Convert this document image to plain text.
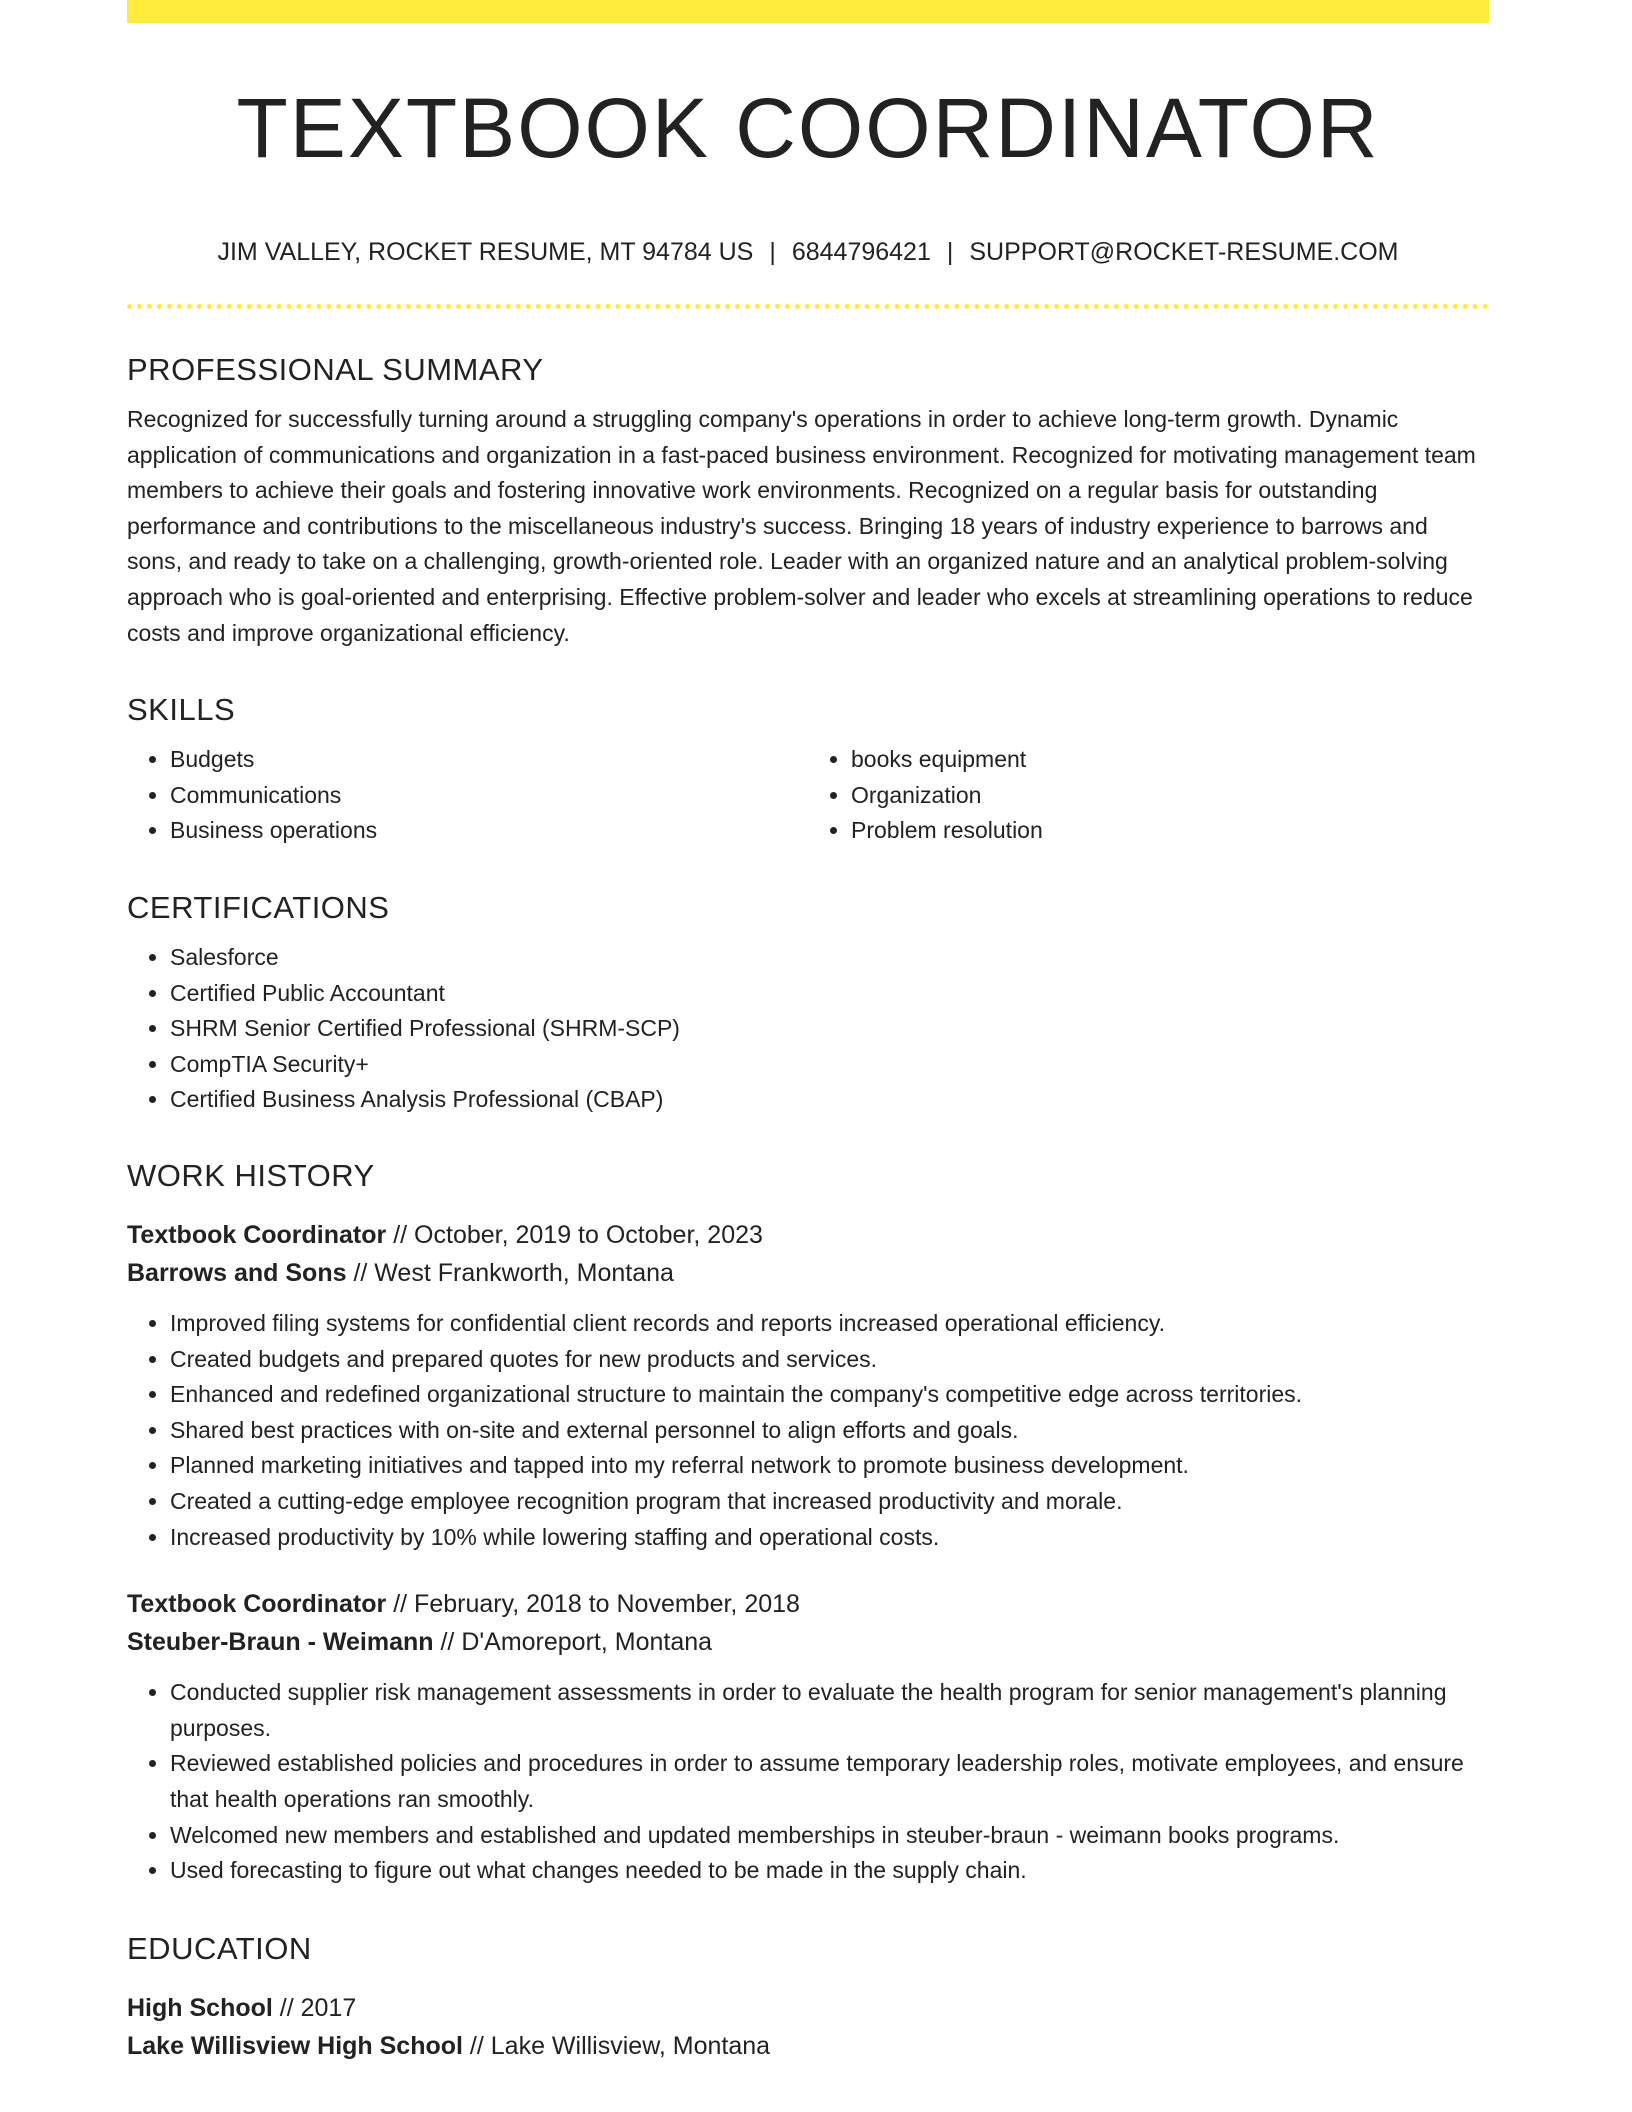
TEXTBOOK COORDINATOR
JIM VALLEY, ROCKET RESUME, MT 94784 US | 6844796421 | SUPPORT@ROCKET-RESUME.COM
PROFESSIONAL SUMMARY

Recognized for successfully turning around a struggling company's operations in order to achieve long-term growth. Dynamic application of communications and organization in a fast-paced business environment. Recognized for motivating management team members to achieve their goals and fostering innovative work environments. Recognized on a regular basis for outstanding performance and contributions to the miscellaneous industry's success. Bringing 18 years of industry experience to barrows and sons, and ready to take on a challenging, growth-oriented role. Leader with an organized nature and an analytical problem-solving approach who is goal-oriented and enterprising. Effective problem-solver and leader who excels at streamlining operations to reduce costs and improve organizational efficiency.

SKILLS
• Budgets
• Communications
• Business operations
• books equipment
• Organization
• Problem resolution
CERTIFICATIONS
• Salesforce
• Certified Public Accountant
• SHRM Senior Certified Professional (SHRM-SCP)
• CompTIA Security+
• Certified Business Analysis Professional (CBAP)
WORK HISTORY
Textbook Coordinator // October, 2019 to October, 2023
Barrows and Sons // West Frankworth, Montana
• Improved filing systems for confidential client records and reports increased operational efficiency.
• Created budgets and prepared quotes for new products and services.
• Enhanced and redefined organizational structure to maintain the company's competitive edge across territories.
• Shared best practices with on-site and external personnel to align efforts and goals.
• Planned marketing initiatives and tapped into my referral network to promote business development.
• Created a cutting-edge employee recognition program that increased productivity and morale.
• Increased productivity by 10% while lowering staffing and operational costs.
Textbook Coordinator // February, 2018 to November, 2018
Steuber-Braun - Weimann // D'Amoreport, Montana
• Conducted supplier risk management assessments in order to evaluate the health program for senior management's planning purposes.
• Reviewed established policies and procedures in order to assume temporary leadership roles, motivate employees, and ensure that health operations ran smoothly.
• Welcomed new members and established and updated memberships in steuber-braun - weimann books programs.
• Used forecasting to figure out what changes needed to be made in the supply chain.
EDUCATION
High School // 2017
Lake Willisview High School // Lake Willisview, Montana
